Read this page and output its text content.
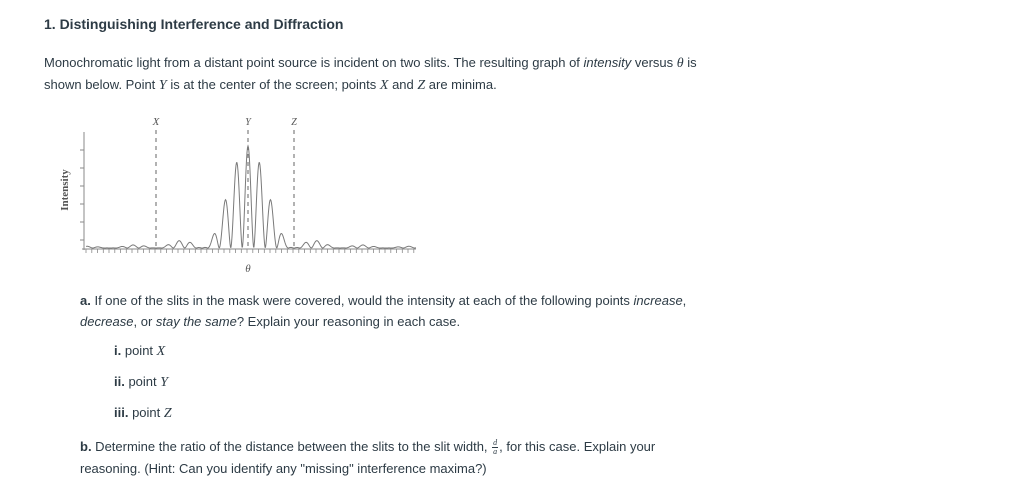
1. Distinguishing Interference and Diffraction
Monochromatic light from a distant point source is incident on two slits. The resulting graph of intensity versus θ is
shown below. Point Y is at the center of the screen; points X and Z are minima.
X	Y	Z
θ
Intensity
a. If one of the slits in the mask were covered, would the intensity at each of the following points increase,
decrease, or stay the same? Explain your reasoning in each case.
i. point X
ii. point Y
iii. point Z
b. Determine the ratio of the distance between the slits to the slit width, $\frac{d}{a}$ , for this case. Explain your
reasoning. (Hint: Can you identify any "missing" interference maxima?)
